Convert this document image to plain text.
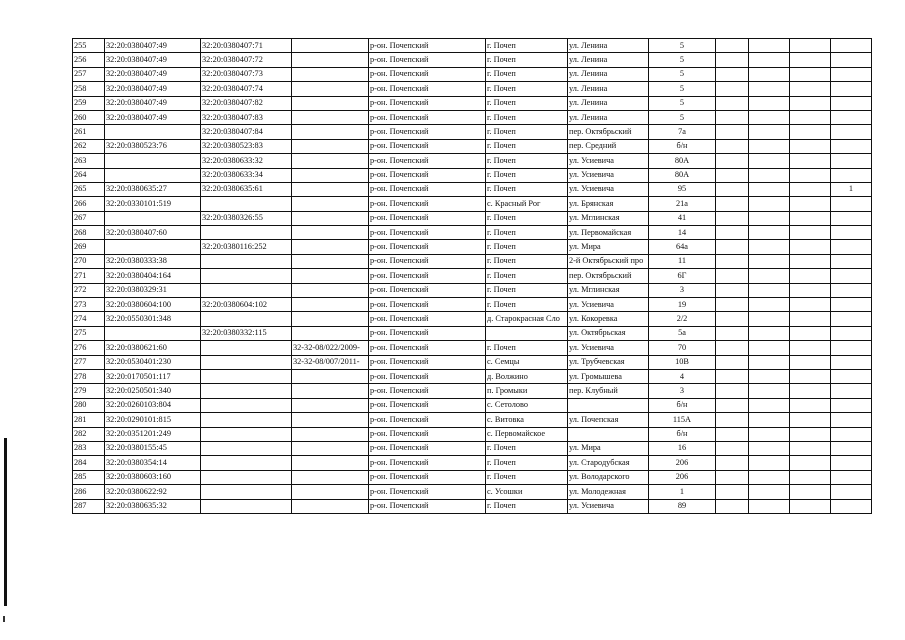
255	32:20:0380407:49	32:20:0380407:71		р-он. Почепский	г. Почеп	ул. Ленина	5				
256	32:20:0380407:49	32:20:0380407:72		р-он. Почепский	г. Почеп	ул. Ленина	5				
257	32:20:0380407:49	32:20:0380407:73		р-он. Почепский	г. Почеп	ул. Ленина	5				
258	32:20:0380407:49	32:20:0380407:74		р-он. Почепский	г. Почеп	ул. Ленина	5				
259	32:20:0380407:49	32:20:0380407:82		р-он. Почепский	г. Почеп	ул. Ленина	5				
260	32:20:0380407:49	32:20:0380407:83		р-он. Почепский	г. Почеп	ул. Ленина	5				
261		32:20:0380407:84		р-он. Почепский	г. Почеп	пер. Октябрьский	7а				
262	32:20:0380523:76	32:20:0380523:83		р-он. Почепский	г. Почеп	пер. Средний	б/н				
263		32:20:0380633:32		р-он. Почепский	г. Почеп	ул. Усиевича	80А				
264		32:20:0380633:34		р-он. Почепский	г. Почеп	ул. Усиевича	80А				
265	32:20:0380635:27	32:20:0380635:61		р-он. Почепский	г. Почеп	ул. Усиевича	95				1
266	32:20:0330101:519			р-он. Почепский	с. Красный Рог	ул. Брянская	21а				
267		32:20:0380326:55		р-он. Почепский	г. Почеп	ул. Мглинская	41				
268	32:20:0380407:60			р-он. Почепский	г. Почеп	ул. Первомайская	14				
269		32:20:0380116:252		р-он. Почепский	г. Почеп	ул. Мира	64а				
270	32:20:0380333:38			р-он. Почепский	г. Почеп	2-й Октябрьский про	11				
271	32:20:0380404:164			р-он. Почепский	г. Почеп	пер. Октябрьский	6Г				
272	32:20:0380329:31			р-он. Почепский	г. Почеп	ул. Мглинская	3				
273	32:20:0380604:100	32:20:0380604:102		р-он. Почепский	г. Почеп	ул. Усиевича	19				
274	32:20:0550301:348			р-он. Почепский	д. Старокрасная Сло	ул. Кокоревка	2/2				
275		32:20:0380332:115		р-он. Почепский		ул. Октябрьская	5а				
276	32:20:0380621:60		32-32-08/022/2009-	р-он. Почепский	г. Почеп	ул. Усиевича	70				
277	32:20:0530401:230		32-32-08/007/2011-	р-он. Почепский	с. Семцы	ул. Трубчевская	10В				
278	32:20:0170501:117			р-он. Почепский	д. Волжино	ул. Громышева	4				
279	32:20:0250501:340			р-он. Почепский	п. Громыки	пер. Клубный	3				
280	32:20:0260103:804			р-он. Почепский	с. Сетолово		б/н				
281	32:20:0290101:815			р-он. Почепский	с. Витовка	ул. Почепская	115А				
282	32:20:0351201:249			р-он. Почепский	с. Первомайское		б/н				
283	32:20:0380155:45			р-он. Почепский	г. Почеп	ул. Мира	16				
284	32:20:0380354:14			р-он. Почепский	г. Почеп	ул. Стародубская	206				
285	32:20:0380603:160			р-он. Почепский	г. Почеп	ул. Володарского	206				
286	32:20:0380622:92			р-он. Почепский	с. Усошки	ул. Молодежная	1				
287	32:20:0380635:32			р-он. Почепский	г. Почеп	ул. Усиевича	89				
